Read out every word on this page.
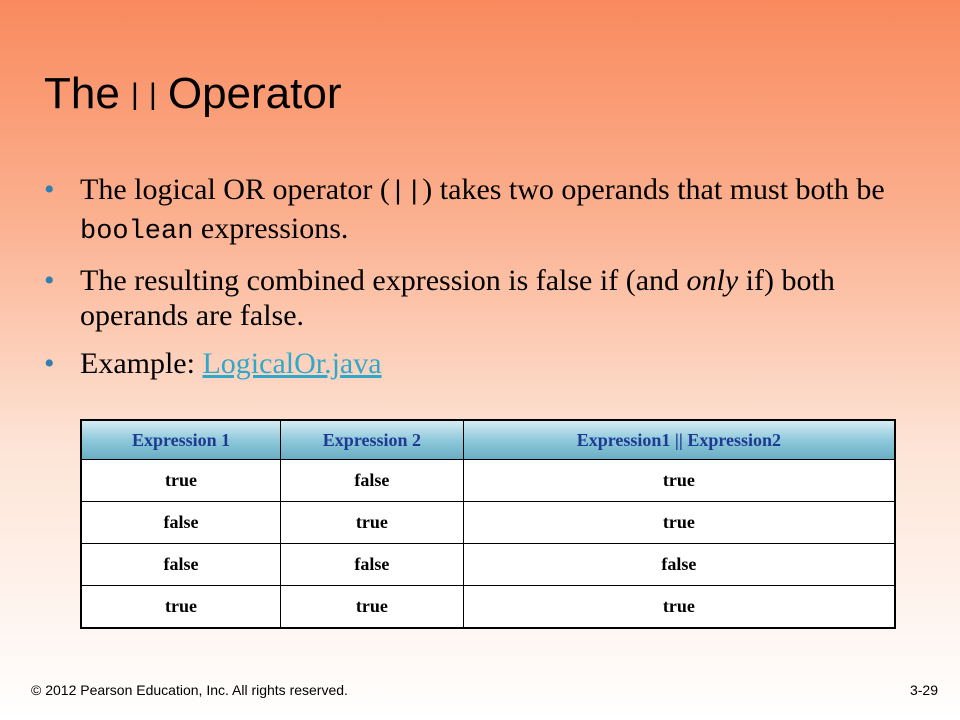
The || Operator
• The logical OR operator (||) takes two operands that must both be boolean expressions.
• The resulting combined expression is false if (and only if) both operands are false.
• Example: LogicalOr.java
Expression 1	Expression 2	Expression1 || Expression2
true	false	true
false	true	true
false	false	false
true	true	true
© 2012 Pearson Education, Inc. All rights reserved.	3-29
